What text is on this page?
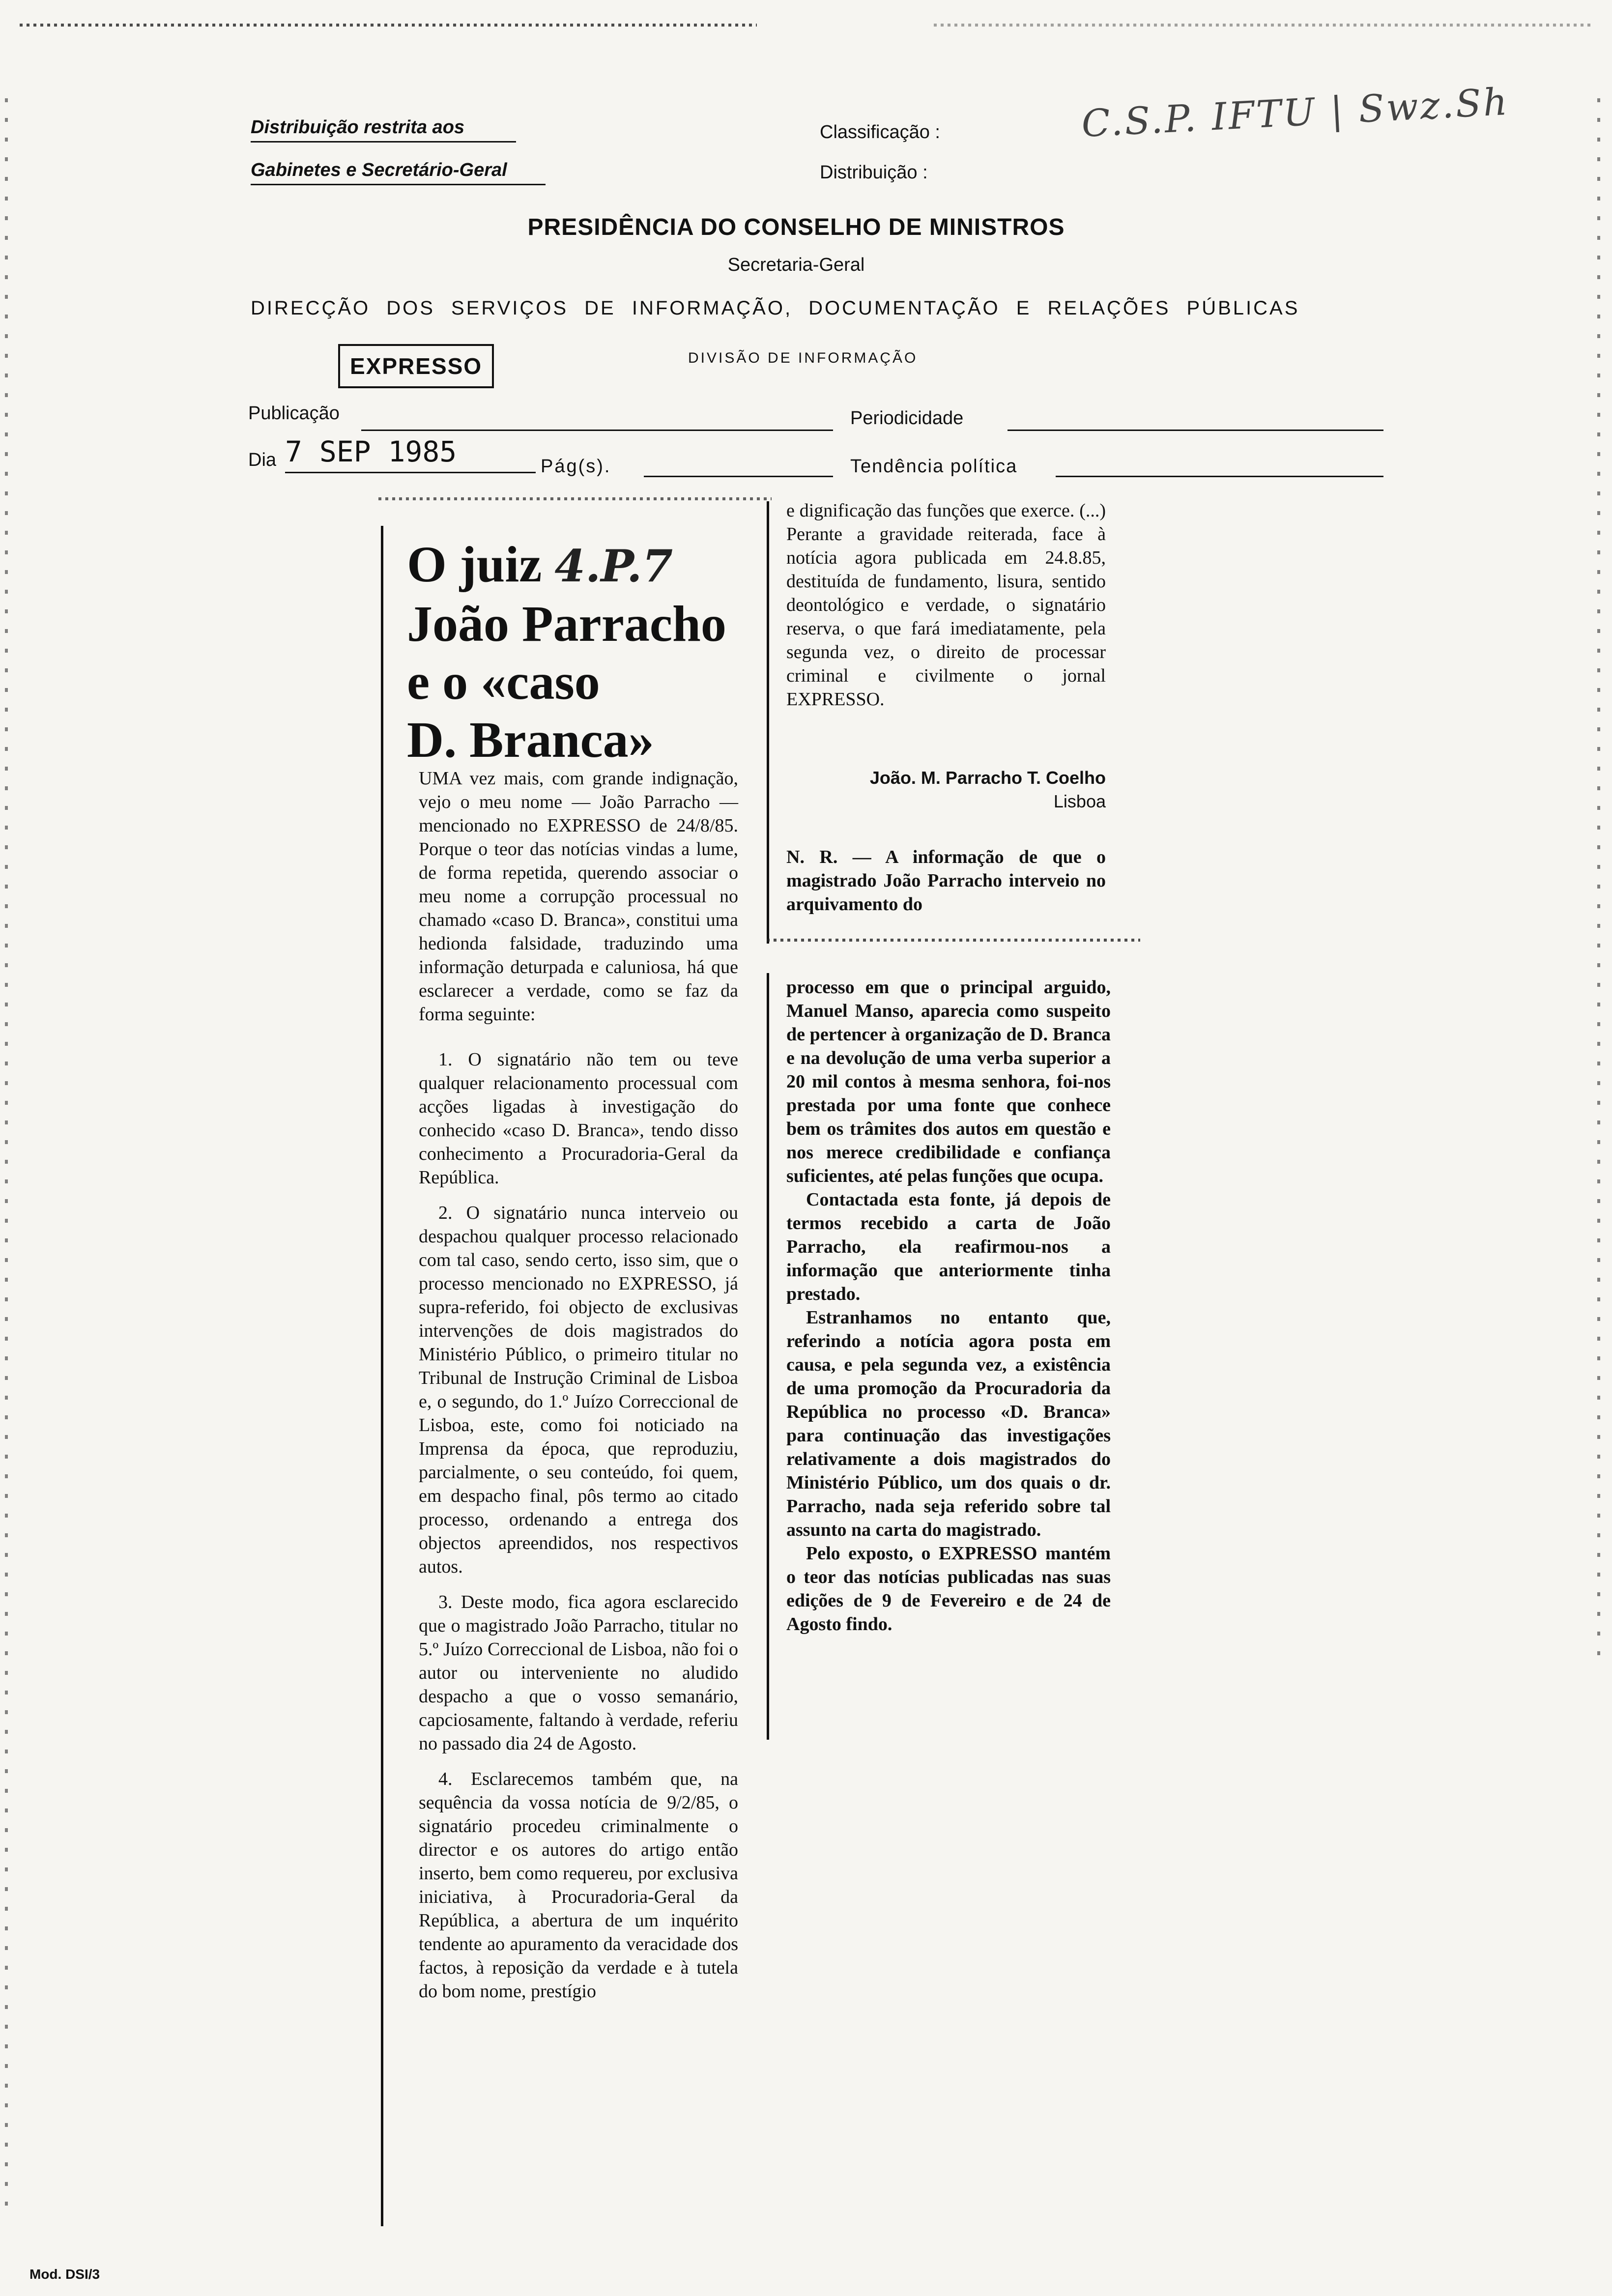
Distribuição restrita aos
Gabinetes e Secretário-Geral
Classificação :
Distribuição :
C.S.P. IFTU | Swz.Sh
PRESIDÊNCIA DO CONSELHO DE MINISTROS
Secretaria-Geral
DIRECÇÃO DOS SERVIÇOS DE INFORMAÇÃO, DOCUMENTAÇÃO E RELAÇÕES PÚBLICAS
EXPRESSO	DIVISÃO DE INFORMAÇÃO
Publicação	Periodicidade
Dia 7 SEP 1985	Pág(s).	Tendência política
O juiz 4.P.7
João Parracho
e o «caso
D. Branca»

UMA vez mais, com grande indignação, vejo o meu nome — João Parracho — mencionado no EXPRESSO de 24/8/85. Porque o teor das notícias vindas a lume, de forma repetida, querendo associar o meu nome a corrupção processual no chamado «caso D. Branca», constitui uma hedionda falsidade, traduzindo uma informação deturpada e caluniosa, há que esclarecer a verdade, como se faz da forma seguinte:

1. O signatário não tem ou teve qualquer relacionamento processual com acções ligadas à investigação do conhecido «caso D. Branca», tendo disso conhecimento a Procuradoria-Geral da República.

2. O signatário nunca interveio ou despachou qualquer processo relacionado com tal caso, sendo certo, isso sim, que o processo mencionado no EXPRESSO, já supra-referido, foi objecto de exclusivas intervenções de dois magistrados do Ministério Público, o primeiro titular no Tribunal de Instrução Criminal de Lisboa e, o segundo, do 1.º Juízo Correccional de Lisboa, este, como foi noticiado na Imprensa da época, que reproduziu, parcialmente, o seu conteúdo, foi quem, em despacho final, pôs termo ao citado processo, ordenando a entrega dos objectos apreendidos, nos respectivos autos.

3. Deste modo, fica agora esclarecido que o magistrado João Parracho, titular no 5.º Juízo Correccional de Lisboa, não foi o autor ou interveniente no aludido despacho a que o vosso semanário, capciosamente, faltando à verdade, referiu no passado dia 24 de Agosto.

4. Esclarecemos também que, na sequência da vossa notícia de 9/2/85, o signatário procedeu criminalmente o director e os autores do artigo então inserto, bem como requereu, por exclusiva iniciativa, à Procuradoria-Geral da República, a abertura de um inquérito tendente ao apuramento da veracidade dos factos, à reposição da verdade e à tutela do bom nome, prestígio

e dignificação das funções que exerce. (...) Perante a gravidade reiterada, face à notícia agora publicada em 24.8.85, destituída de fundamento, lisura, sentido deontológico e verdade, o signatário reserva, o que fará imediatamente, pela segunda vez, o direito de processar criminal e civilmente o jornal EXPRESSO.

João. M. Parracho T. Coelho
Lisboa
N. R. — A informação de que o magistrado João Parracho interveio no arquivamento do

processo em que o principal arguido, Manuel Manso, aparecia como suspeito de pertencer à organização de D. Branca e na devolução de uma verba superior a 20 mil contos à mesma senhora, foi-nos prestada por uma fonte que conhece bem os trâmites dos autos em questão e nos merece credibilidade e confiança suficientes, até pelas funções que ocupa.

Contactada esta fonte, já depois de termos recebido a carta de João Parracho, ela reafirmou-nos a informação que anteriormente tinha prestado.

Estranhamos no entanto que, referindo a notícia agora posta em causa, e pela segunda vez, a existência de uma promoção da Procuradoria da República no processo «D. Branca» para continuação das investigações relativamente a dois magistrados do Ministério Público, um dos quais o dr. Parracho, nada seja referido sobre tal assunto na carta do magistrado.

Pelo exposto, o EXPRESSO mantém o teor das notícias publicadas nas suas edições de 9 de Fevereiro e de 24 de Agosto findo.

Mod. DSI/3
